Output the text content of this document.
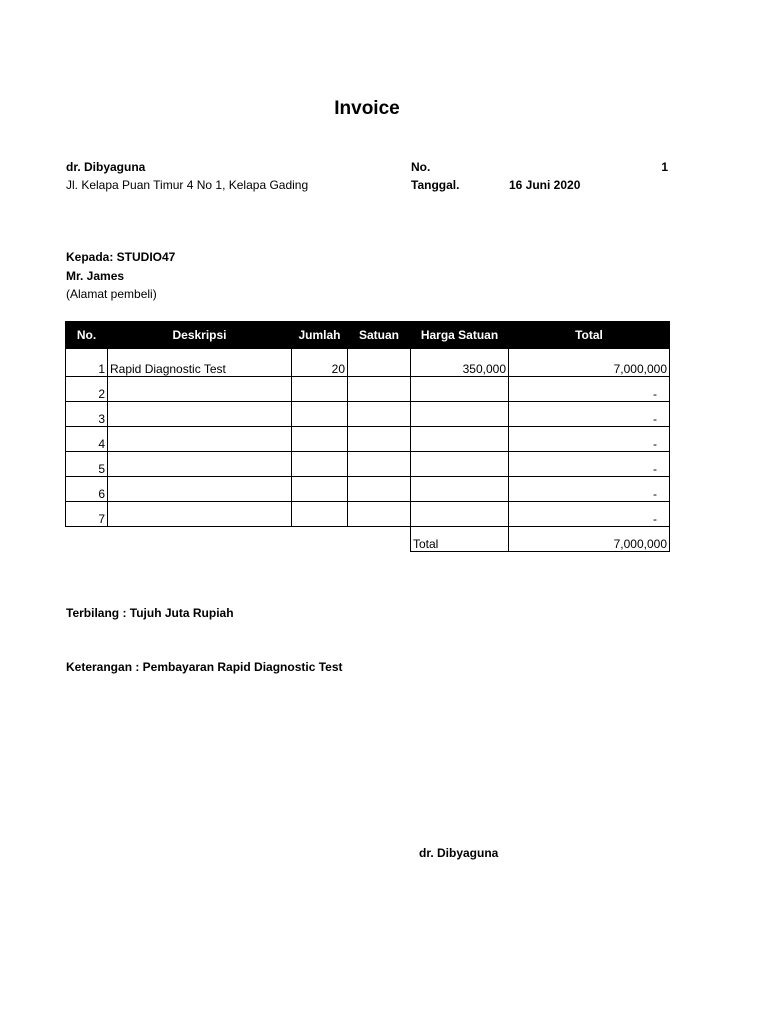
Invoice
dr. Dibyaguna
Jl. Kelapa Puan Timur 4 No 1, Kelapa Gading
No.	1
Tanggal.	16 Juni 2020
Kepada: STUDIO47
Mr. James
(Alamat pembeli)
No.	Deskripsi	Jumlah	Satuan	Harga Satuan	Total
1	Rapid Diagnostic Test	20		350,000	7,000,000
2					-
3					-
4					-
5					-
6					-
7					-
				Total	7,000,000
Terbilang : Tujuh Juta Rupiah
Keterangan : Pembayaran Rapid Diagnostic Test
dr. Dibyaguna
